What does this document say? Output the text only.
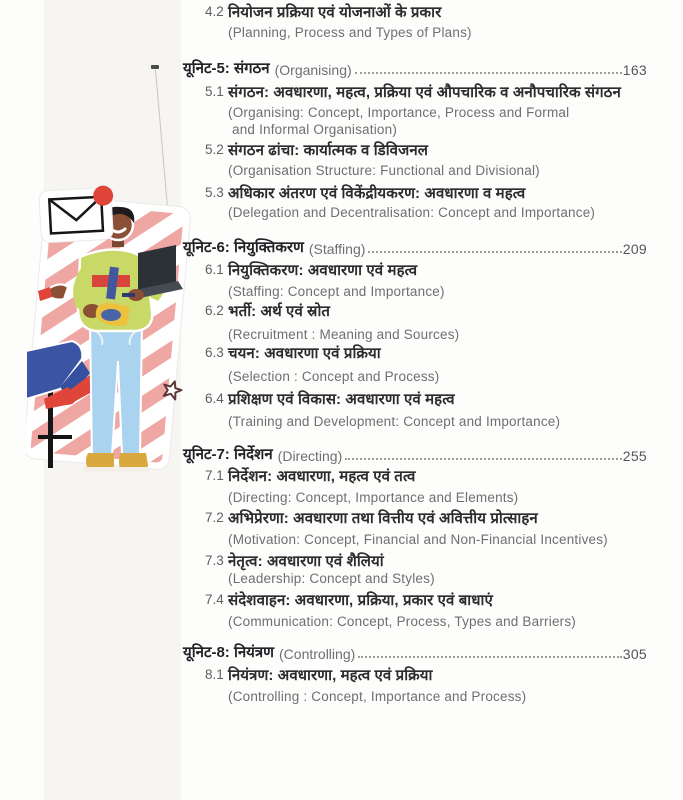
4.2 नियोजन प्रक्रिया एवं योजनाओं के प्रकार
(Planning, Process and Types of Plans)
यूनिट-5: संगठन (Organising)	163
5.1 संगठन: अवधारणा, महत्व, प्रक्रिया एवं औपचारिक व अनौपचारिक संगठन
(Organising: Concept, Importance, Process and Formal
and Informal Organisation)
5.2 संगठन ढांचा: कार्यात्मक व डिविजनल
(Organisation Structure: Functional and Divisional)
5.3 अधिकार अंतरण एवं विकेंद्रीयकरण: अवधारणा व महत्व
(Delegation and Decentralisation: Concept and Importance)
यूनिट-6: नियुक्तिकरण (Staffing)	209
6.1 नियुक्तिकरण: अवधारणा एवं महत्व
(Staffing: Concept and Importance)
6.2 भर्ती: अर्थ एवं स्रोत
(Recruitment : Meaning and Sources)
6.3 चयन: अवधारणा एवं प्रक्रिया
(Selection : Concept and Process)
6.4 प्रशिक्षण एवं विकास: अवधारणा एवं महत्व
(Training and Development: Concept and Importance)
यूनिट-7: निर्देशन (Directing)	255
7.1 निर्देशन: अवधारणा, महत्व एवं तत्व
(Directing: Concept, Importance and Elements)
7.2 अभिप्रेरणा: अवधारणा तथा वित्तीय एवं अवित्तीय प्रोत्साहन
(Motivation: Concept, Financial and Non-Financial Incentives)
7.3 नेतृत्व: अवधारणा एवं शैलियां
(Leadership: Concept and Styles)
7.4 संदेशवाहन: अवधारणा, प्रक्रिया, प्रकार एवं बाधाएं
(Communication: Concept, Process, Types and Barriers)
यूनिट-8: नियंत्रण (Controlling)	305
8.1 नियंत्रण: अवधारणा, महत्व एवं प्रक्रिया
(Controlling : Concept, Importance and Process)
